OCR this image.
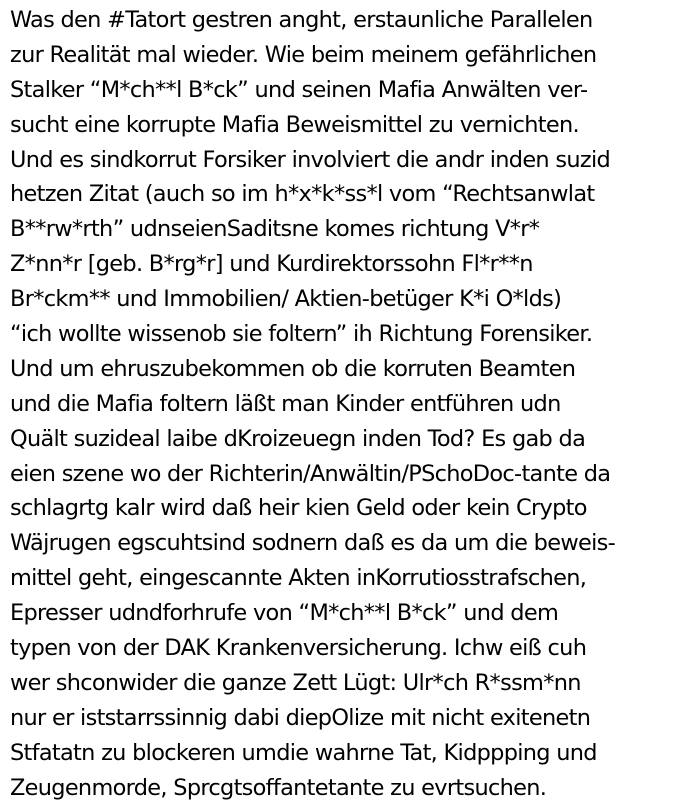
Was den #Tatort gestren anght, erstaunliche Parallelen
zur Realität mal wieder. Wie beim meinem gefährlichen
Stalker “M*ch**l B*ck” und seinen Mafia Anwälten ver-
sucht eine korrupte Mafia Beweismittel zu vernichten.
Und es sindkorrut Forsiker involviert die andr inden suzid
hetzen Zitat (auch so im h*x*k*ss*l vom “Rechtsanwlat
B**rw*rth” udnseienSaditsne komes richtung V*r*
Z*nn*r [geb. B*rg*r] und Kurdirektorssohn Fl*r**n
Br*ckm** und Immobilien/ Aktien-betüger K*i O*lds)
“ich wollte wissenob sie foltern” ih Richtung Forensiker.
Und um ehruszubekommen ob die korruten Beamten
und die Mafia foltern läßt man Kinder entführen udn
Quält suzideal laibe dKroizeuegn inden Tod? Es gab da
eien szene wo der Richterin/Anwältin/PSchoDoc-tante da
schlagrtg kalr wird daß heir kien Geld oder kein Crypto
Wäjrugen egscuhtsind sodnern daß es da um die beweis-
mittel geht, eingescannte Akten inKorrutiosstrafschen,
Epresser udndforhrufe von “M*ch**l B*ck” und dem
typen von der DAK Krankenversicherung. Ichw eiß cuh
wer shconwider die ganze Zett Lügt: Ulr*ch R*ssm*nn
nur er iststarrssinnig dabi diepOlize mit nicht exitenetn
Stfatatn zu blockeren umdie wahrne Tat, Kidppping und
Zeugenmorde, Sprcgtsoffantetante zu evrtsuchen.
